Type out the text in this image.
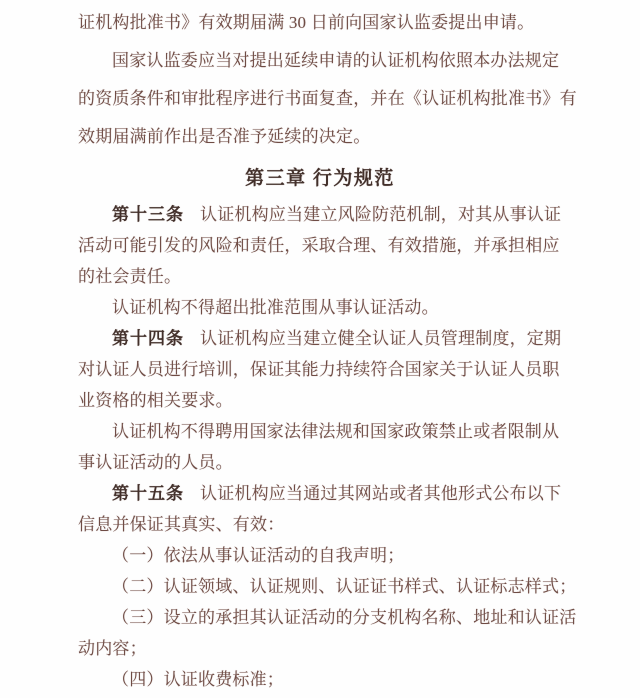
证机构批准书》有效期届满 30 日前向国家认监委提出申请。
国家认监委应当对提出延续申请的认证机构依照本办法规定
的资质条件和审批程序进行书面复查，并在《认证机构批准书》有
效期届满前作出是否准予延续的决定。
第三章 行为规范
第十三条 认证机构应当建立风险防范机制，对其从事认证
活动可能引发的风险和责任，采取合理、有效措施，并承担相应
的社会责任。
认证机构不得超出批准范围从事认证活动。
第十四条 认证机构应当建立健全认证人员管理制度，定期
对认证人员进行培训，保证其能力持续符合国家关于认证人员职
业资格的相关要求。
认证机构不得聘用国家法律法规和国家政策禁止或者限制从
事认证活动的人员。
第十五条 认证机构应当通过其网站或者其他形式公布以下
信息并保证其真实、有效：
（一）依法从事认证活动的自我声明；
（二）认证领域、认证规则、认证证书样式、认证标志样式；
（三）设立的承担其认证活动的分支机构名称、地址和认证活
动内容；
（四）认证收费标准；
